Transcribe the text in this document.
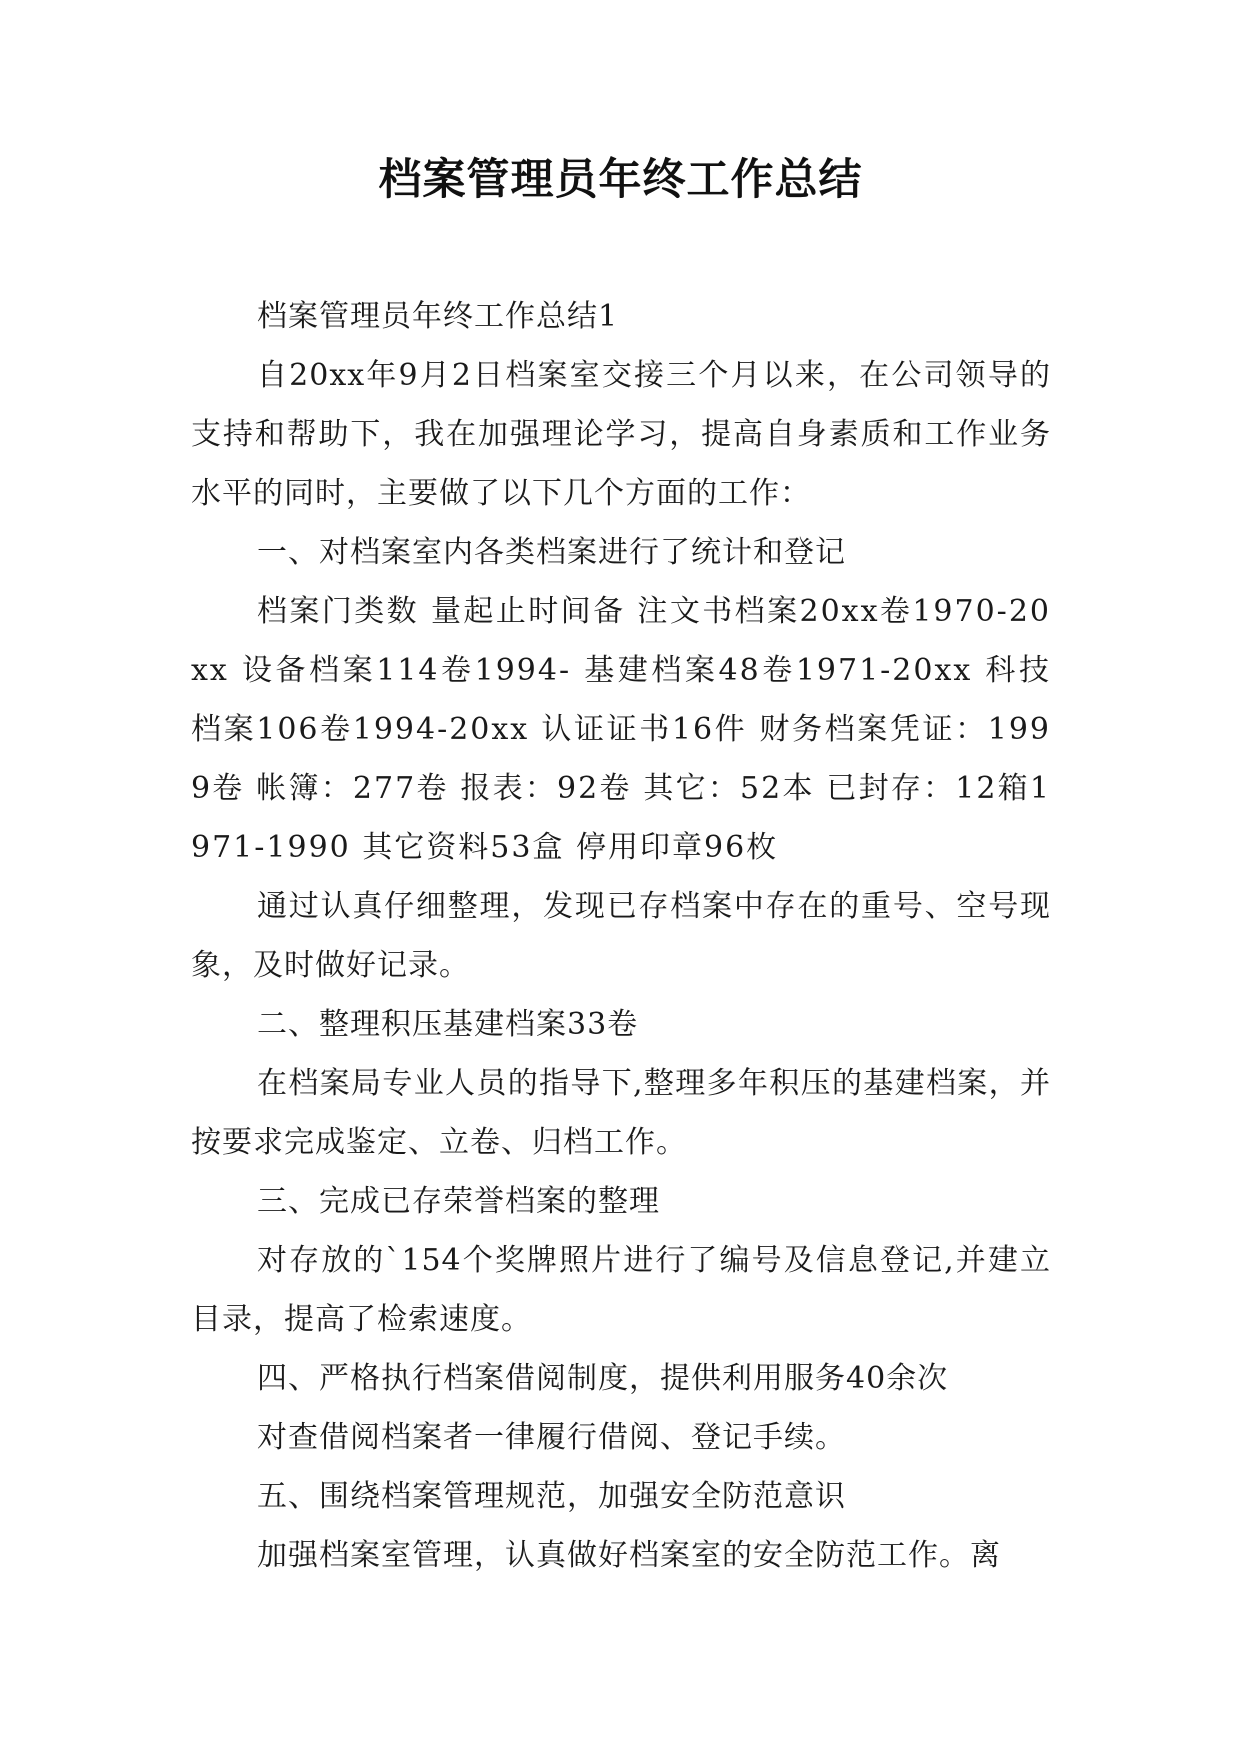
档案管理员年终工作总结

档案管理员年终工作总结1

自20xx年9月2日档案室交接三个月以来，在公司领导的支持和帮助下，我在加强理论学习，提高自身素质和工作业务水平的同时，主要做了以下几个方面的工作：

一、对档案室内各类档案进行了统计和登记

档案门类数 量起止时间备 注文书档案20xx卷1970-20xx 设备档案114卷1994- 基建档案48卷1971-20xx 科技档案106卷1994-20xx 认证证书16件 财务档案凭证：1999卷 帐簿：277卷 报表：92卷 其它：52本 已封存：12箱1971-1990 其它资料53盒 停用印章96枚

通过认真仔细整理，发现已存档案中存在的重号、空号现象，及时做好记录。

二、整理积压基建档案33卷

在档案局专业人员的指导下,整理多年积压的基建档案，并按要求完成鉴定、立卷、归档工作。

三、完成已存荣誉档案的整理

对存放的`154个奖牌照片进行了编号及信息登记,并建立目录，提高了检索速度。

四、严格执行档案借阅制度，提供利用服务40余次

对查借阅档案者一律履行借阅、登记手续。

五、围绕档案管理规范，加强安全防范意识

加强档案室管理，认真做好档案室的安全防范工作。离
